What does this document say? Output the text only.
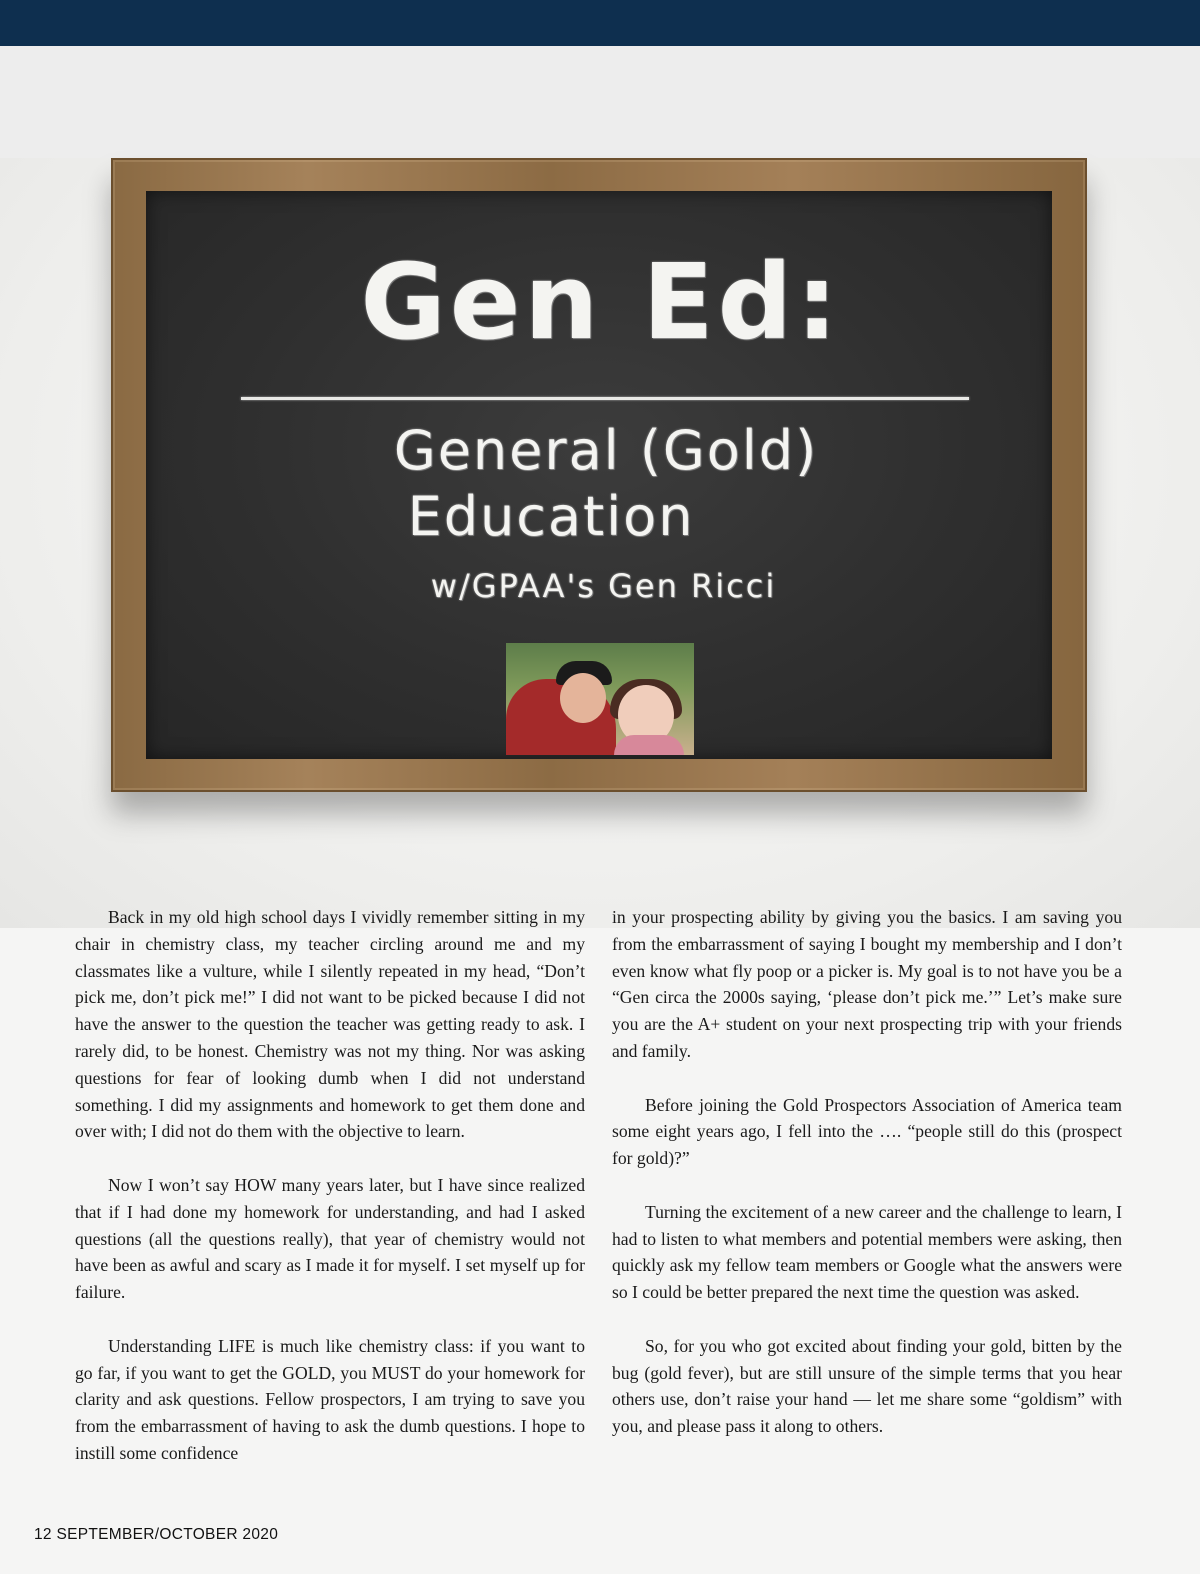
Gen Ed:
General (Gold)
Education
w/GPAA's Gen Ricci

Back in my old high school days I vividly remember sitting in my chair in chemistry class, my teacher circling around me and my classmates like a vulture, while I silently repeated in my head, “Don’t pick me, don’t pick me!” I did not want to be picked because I did not have the answer to the question the teacher was getting ready to ask. I rarely did, to be honest. Chemistry was not my thing. Nor was asking questions for fear of looking dumb when I did not understand something. I did my assignments and homework to get them done and over with; I did not do them with the objective to learn.

Now I won’t say HOW many years later, but I have since realized that if I had done my homework for understanding, and had I asked questions (all the questions really), that year of chemistry would not have been as awful and scary as I made it for myself. I set myself up for failure.

Understanding LIFE is much like chemistry class: if you want to go far, if you want to get the GOLD, you MUST do your homework for clarity and ask questions. Fellow prospectors, I am trying to save you from the embarrassment of having to ask the dumb questions. I hope to instill some confidence

in your prospecting ability by giving you the basics. I am saving you from the embarrassment of saying I bought my membership and I don’t even know what fly poop or a picker is. My goal is to not have you be a “Gen circa the 2000s saying, ‘please don’t pick me.’” Let’s make sure you are the A+ student on your next prospecting trip with your friends and family.

Before joining the Gold Prospectors Association of America team some eight years ago, I fell into the …. “people still do this (prospect for gold)?”

Turning the excitement of a new career and the challenge to learn, I had to listen to what members and potential members were asking, then quickly ask my fellow team members or Google what the answers were so I could be better prepared the next time the question was asked.

So, for you who got excited about finding your gold, bitten by the bug (gold fever), but are still unsure of the simple terms that you hear others use, don’t raise your hand — let me share some “goldism” with you, and please pass it along to others.

12 SEPTEMBER/OCTOBER 2020
